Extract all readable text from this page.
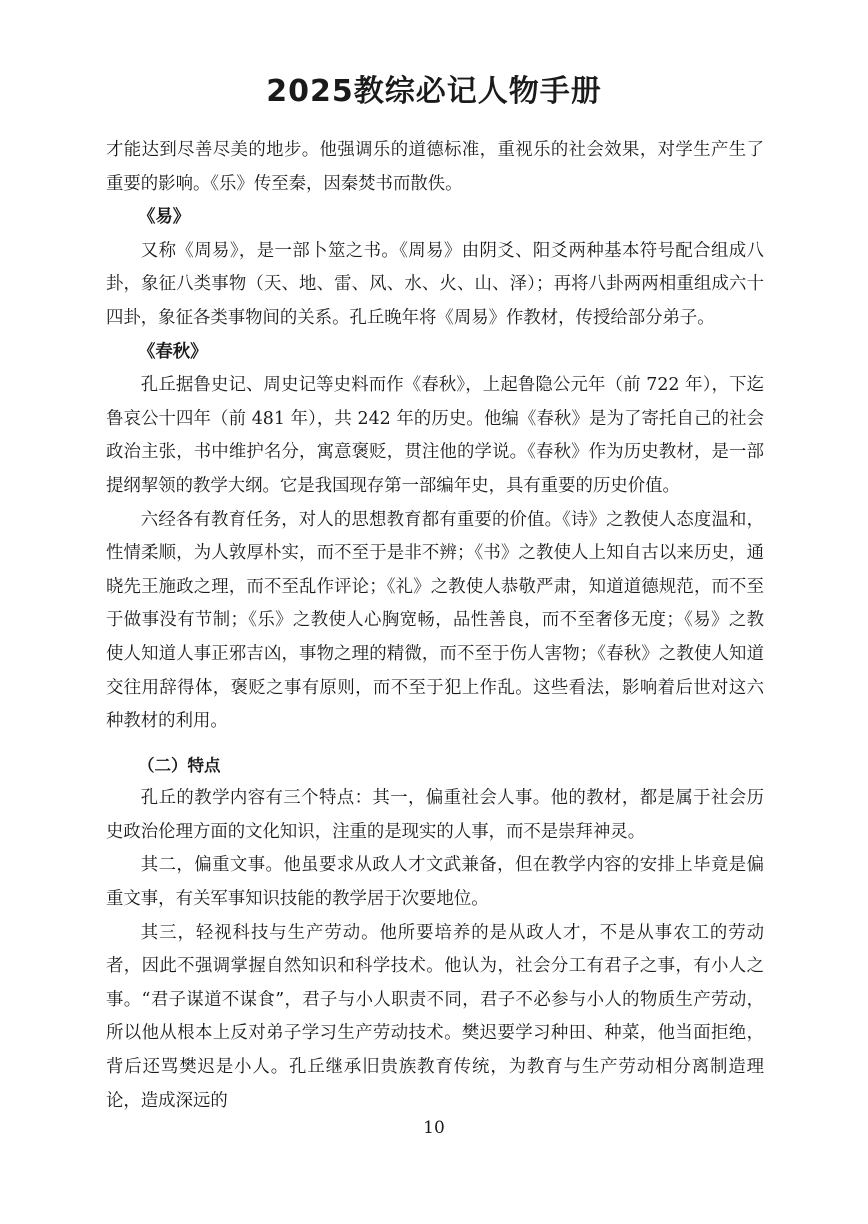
2025教综必记人物手册

才能达到尽善尽美的地步。他强调乐的道德标准，重视乐的社会效果，对学生产生了重要的影响。《乐》传至秦，因秦焚书而散佚。

《易》

又称《周易》，是一部卜筮之书。《周易》由阴爻、阳爻两种基本符号配合组成八卦，象征八类事物（天、地、雷、风、水、火、山、泽）；再将八卦两两相重组成六十四卦，象征各类事物间的关系。孔丘晚年将《周易》作教材，传授给部分弟子。

《春秋》

孔丘据鲁史记、周史记等史料而作《春秋》，上起鲁隐公元年（前 722 年），下迄鲁哀公十四年（前 481 年），共 242 年的历史。他编《春秋》是为了寄托自己的社会政治主张，书中维护名分，寓意褒贬，贯注他的学说。《春秋》作为历史教材，是一部提纲挈领的教学大纲。它是我国现存第一部编年史，具有重要的历史价值。

六经各有教育任务，对人的思想教育都有重要的价值。《诗》之教使人态度温和，性情柔顺，为人敦厚朴实，而不至于是非不辨；《书》之教使人上知自古以来历史，通晓先王施政之理，而不至乱作评论；《礼》之教使人恭敬严肃，知道道德规范，而不至于做事没有节制；《乐》之教使人心胸宽畅，品性善良，而不至奢侈无度；《易》之教使人知道人事正邪吉凶，事物之理的精微，而不至于伤人害物；《春秋》之教使人知道交往用辞得体，褒贬之事有原则，而不至于犯上作乱。这些看法，影响着后世对这六种教材的利用。

（二）特点

孔丘的教学内容有三个特点：其一，偏重社会人事。他的教材，都是属于社会历史政治伦理方面的文化知识，注重的是现实的人事，而不是崇拜神灵。

其二，偏重文事。他虽要求从政人才文武兼备，但在教学内容的安排上毕竟是偏重文事，有关军事知识技能的教学居于次要地位。

其三，轻视科技与生产劳动。他所要培养的是从政人才，不是从事农工的劳动者，因此不强调掌握自然知识和科学技术。他认为，社会分工有君子之事，有小人之事。“君子谋道不谋食”，君子与小人职责不同，君子不必参与小人的物质生产劳动，所以他从根本上反对弟子学习生产劳动技术。樊迟要学习种田、种菜，他当面拒绝，背后还骂樊迟是小人。孔丘继承旧贵族教育传统，为教育与生产劳动相分离制造理论，造成深远的

10
